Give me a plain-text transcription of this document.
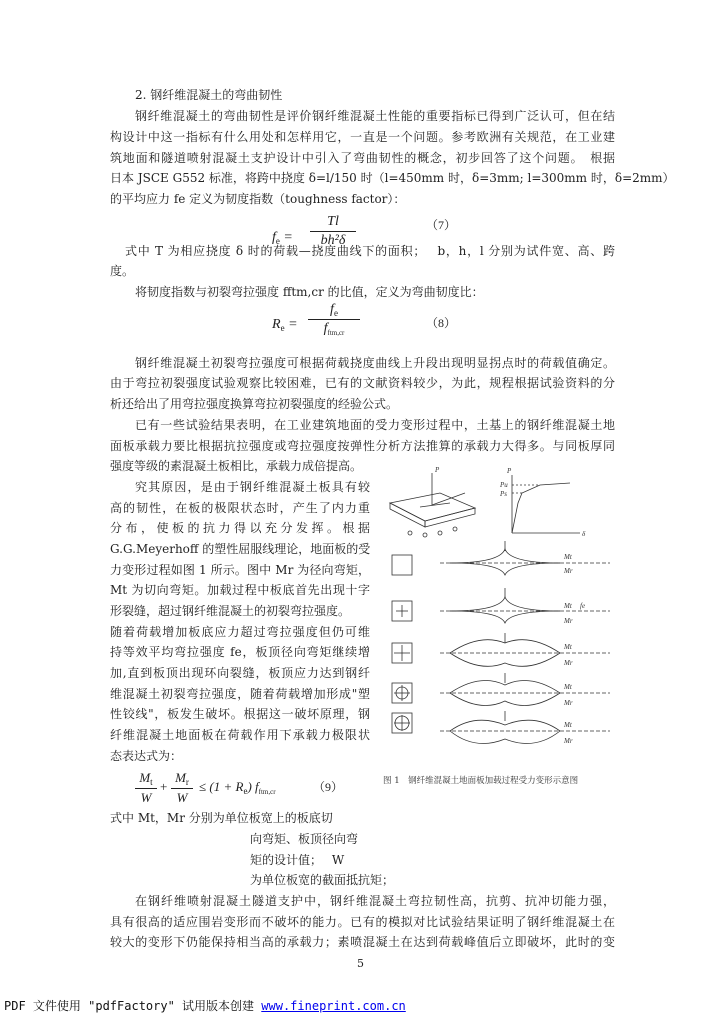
2. 钢纤维混凝土的弯曲韧性
钢纤维混凝土的弯曲韧性是评价钢纤维混凝土性能的重要指标已得到广泛认可，但在结
构设计中这一指标有什么用处和怎样用它，一直是一个问题。参考欧洲有关规范，在工业建
筑地面和隧道喷射混凝土支护设计中引入了弯曲韧性的概念，初步回答了这个问题。　根据
日本 JSCE G552 标准，将跨中挠度 δ=l/150 时（l=450mm 时，δ=3mm; l=300mm 时，δ=2mm）
的平均应力 fe 定义为韧度指数（toughness factor）：
$f_e$ =
Tl
bh²δ
（7）
式中 T 为相应挠度 δ 时的荷载—挠度曲线下的面积；　 b，h，l 分别为试件宽、高、跨
度。
将韧度指数与初裂弯拉强度 fftm,cr 的比值，定义为弯曲韧度比：
$R_e$ =
$f_e$
$f_{ftm,cr}$
（8）
钢纤维混凝土初裂弯拉强度可根据荷载挠度曲线上升段出现明显拐点时的荷载值确定。
由于弯拉初裂强度试验观察比较困难，已有的文献资料较少，为此，规程根据试验资料的分
析还给出了用弯拉强度换算弯拉初裂强度的经验公式。
已有一些试验结果表明，在工业建筑地面的受力变形过程中，土基上的钢纤维混凝土地
面板承载力要比根据抗拉强度或弯拉强度按弹性分析方法推算的承载力大得多。与同板厚同
强度等级的素混凝土板相比，承载力成倍提高。
究其原因，是由于钢纤维混凝土板具有较
高的韧性，在板的极限状态时，产生了内力重
分布，使板的抗力得以充分发挥。根据
G.G.Meyerhoff 的塑性屈服线理论，地面板的受
力变形过程如图 1 所示。图中 Mr 为径向弯矩，
Mt 为切向弯矩。加载过程中板底首先出现十字
形裂缝，超过钢纤维混凝土的初裂弯拉强度。
随着荷载增加板底应力超过弯拉强度但仍可维
持等效平均弯拉强度 fe，板顶径向弯矩继续增
加,直到板顶出现环向裂缝，板顶应力达到钢纤
维混凝土初裂弯拉强度，随着荷载增加形成"塑
性铰线"，板发生破坏。根据这一破坏原理，钢
纤维混凝土地面板在荷载作用下承载力极限状
态表达式为：
$M_t$
W
+
$M_r$
W
≤ $(1 + R_e)$ $f_{ftm,cr}$	（9）
式中 Mt，Mr 分别为单位板宽上的板底切
向弯矩、板顶径向弯
矩的设计值；　 W
为单位板宽的截面抵抗矩；
在钢纤维喷射混凝土隧道支护中，钢纤维混凝土弯拉韧性高，抗剪、抗冲切能力强，
具有很高的适应围岩变形而不破坏的能力。已有的模拟对比试验结果证明了钢纤维混凝土在
较大的变形下仍能保持相当高的承载力；素喷混凝土在达到荷载峰值后立即破坏，此时的变
P	P
δ
Pu
Ps
Mt
Mr
Mt fe
Mr
Mt
Mr
Mt
Mr
Mt
Mr
图 1　钢纤维混凝土地面板加载过程受力变形示意图
5
PDF 文件使用 "pdfFactory" 试用版本创建 www.fineprint.com.cn
